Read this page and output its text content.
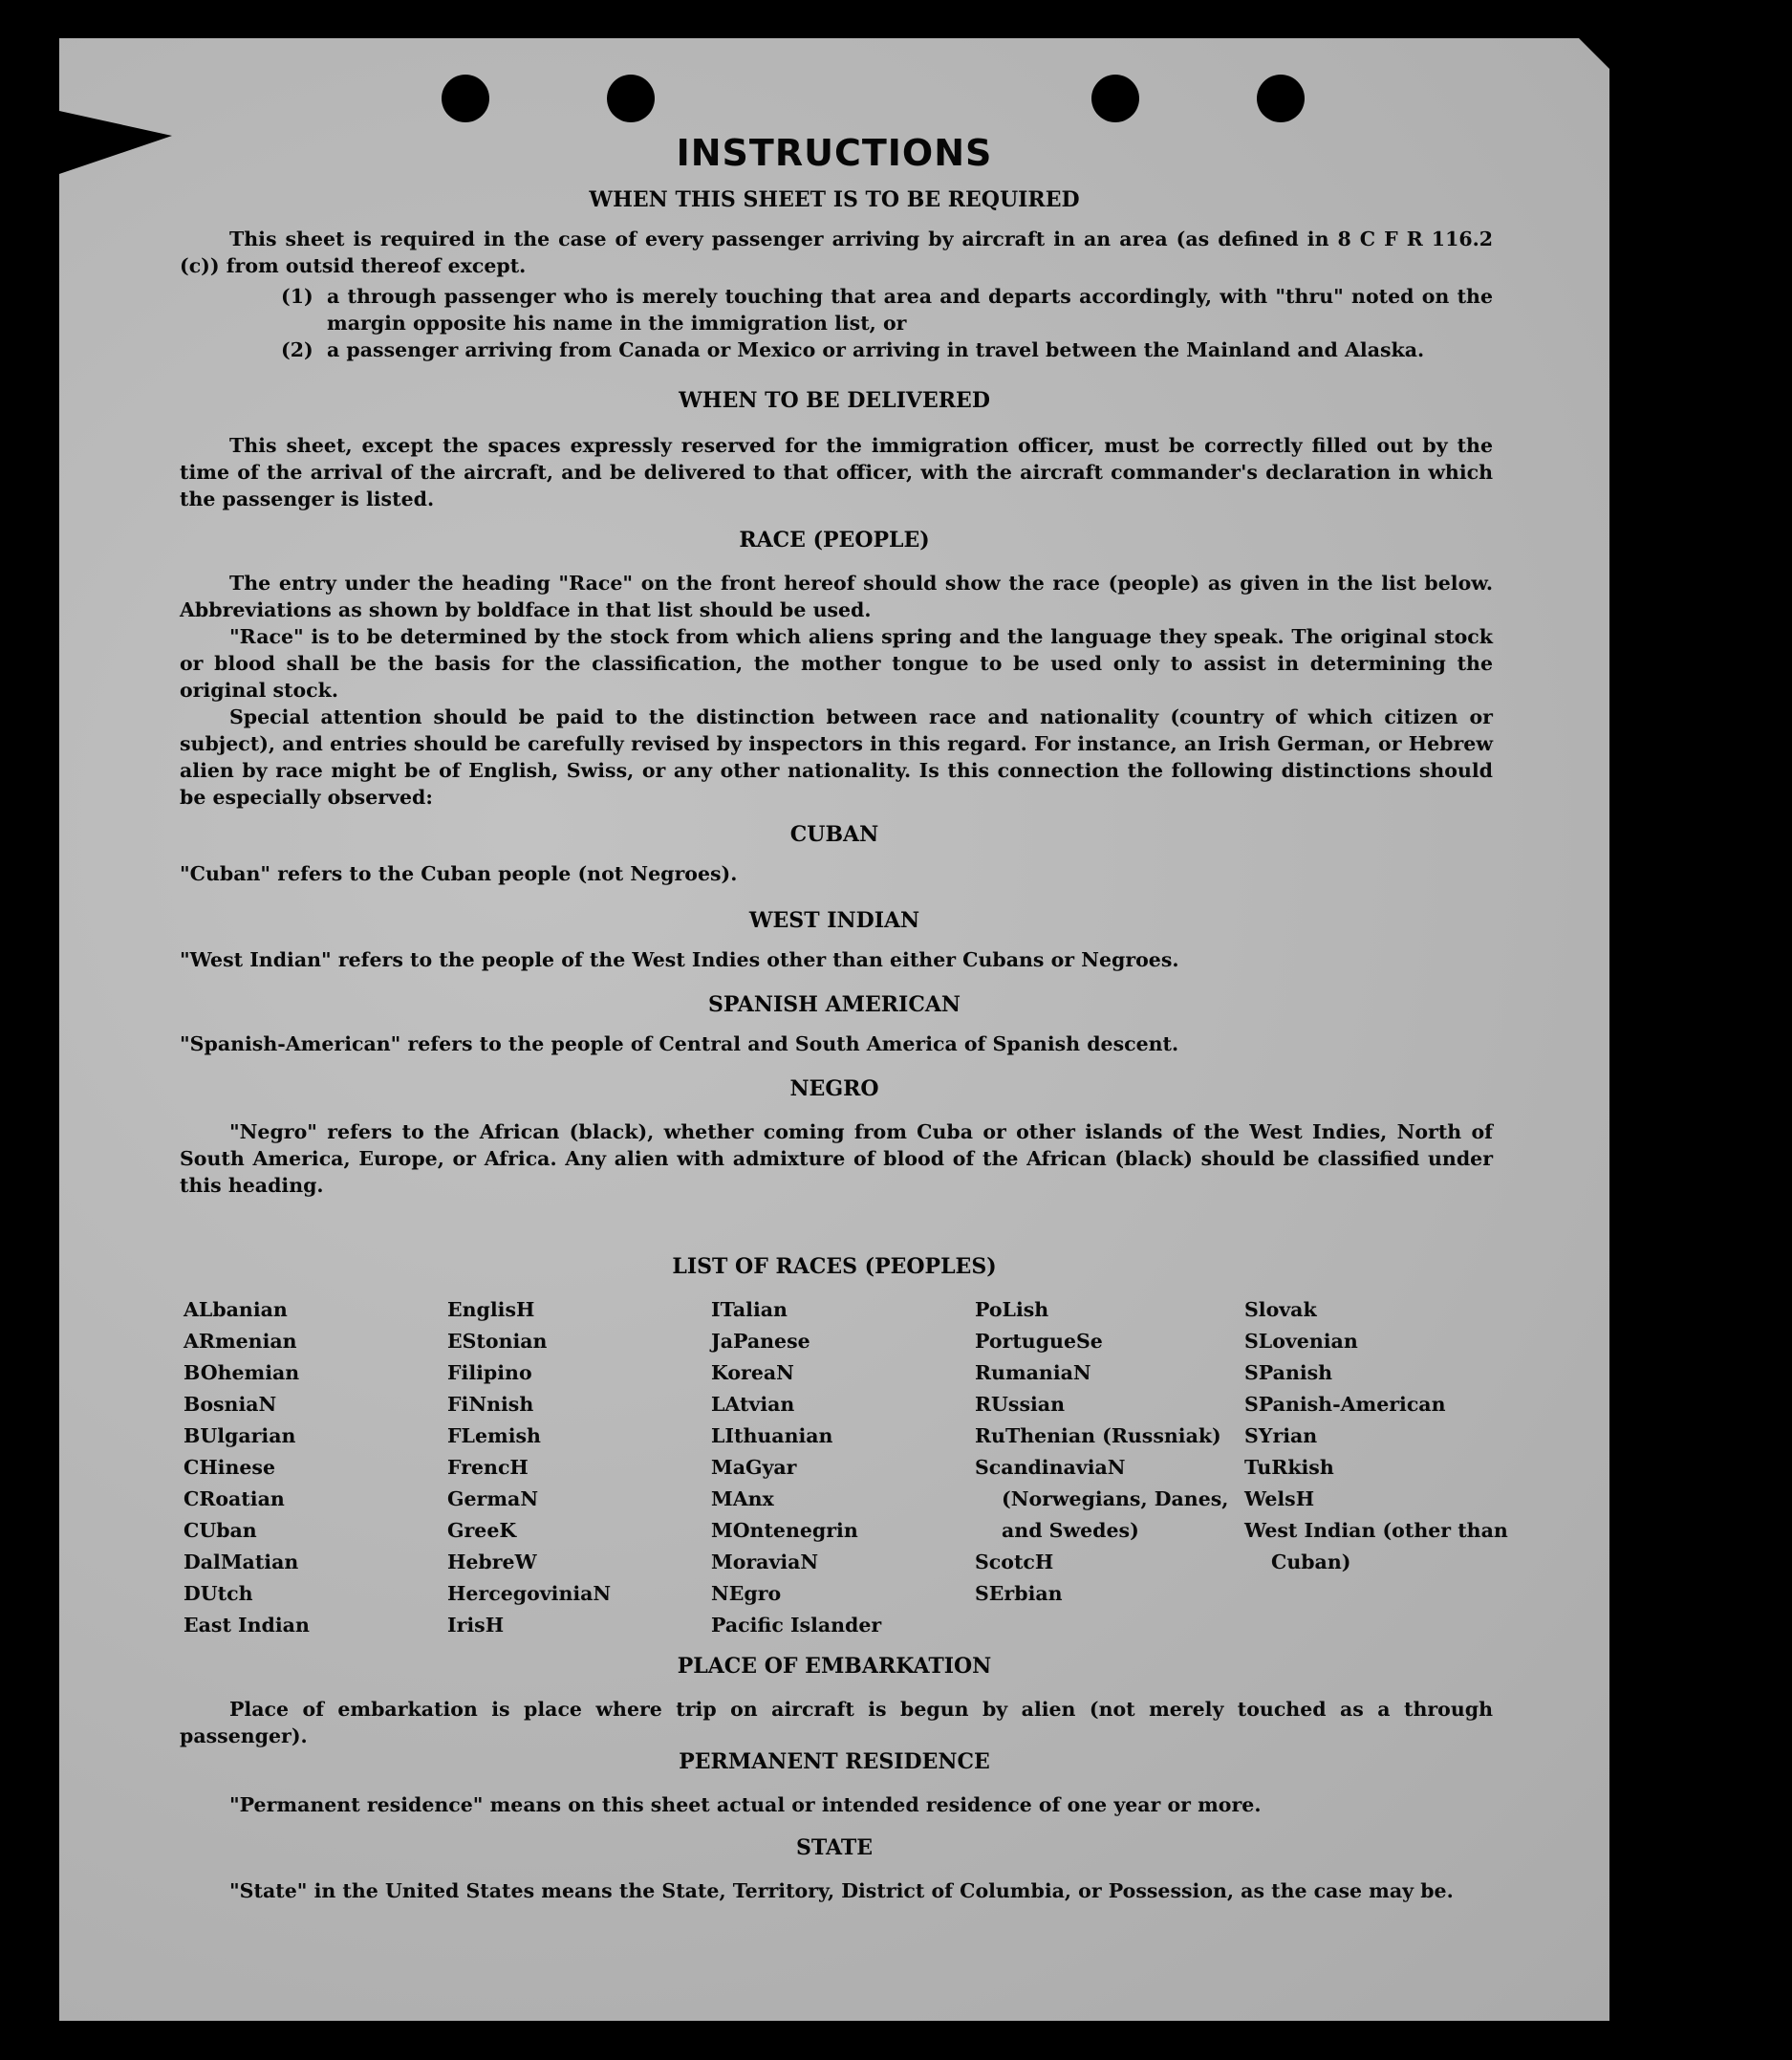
INSTRUCTIONS
WHEN THIS SHEET IS TO BE REQUIRED

This sheet is required in the case of every passenger arriving by aircraft in an area (as defined in 8 C F R 116.2 (c)) from outsid thereof except.

(1) a through passenger who is merely touching that area and departs accordingly, with "thru" noted on the margin opposite his name in the immigration list, or
(2) a passenger arriving from Canada or Mexico or arriving in travel between the Mainland and Alaska.
WHEN TO BE DELIVERED

This sheet, except the spaces expressly reserved for the immigration officer, must be correctly filled out by the time of the arrival of the aircraft, and be delivered to that officer, with the aircraft commander's declaration in which the passenger is listed.

RACE (PEOPLE)

The entry under the heading "Race" on the front hereof should show the race (people) as given in the list below. Abbreviations as shown by boldface in that list should be used.

"Race" is to be determined by the stock from which aliens spring and the language they speak. The original stock or blood shall be the basis for the classification, the mother tongue to be used only to assist in determining the original stock.

Special attention should be paid to the distinction between race and nationality (country of which citizen or subject), and entries should be carefully revised by inspectors in this regard. For instance, an Irish German, or Hebrew alien by race might be of English, Swiss, or any other nationality. Is this connection the following distinctions should be especially observed:

CUBAN

"Cuban" refers to the Cuban people (not Negroes).

WEST INDIAN

"West Indian" refers to the people of the West Indies other than either Cubans or Negroes.

SPANISH AMERICAN

"Spanish-American" refers to the people of Central and South America of Spanish descent.

NEGRO

"Negro" refers to the African (black), whether coming from Cuba or other islands of the West Indies, North of South America, Europe, or Africa. Any alien with admixture of blood of the African (black) should be classified under this heading.

LIST OF RACES (PEOPLES)
ALbanian
ARmenian
BOhemian
BosniaN
BUlgarian
CHinese
CRoatian
CUban
DalMatian
DUtch
East Indian
EnglisH
EStonian
Filipino
FiNnish
FLemish
FrencH
GermaN
GreeK
HebreW
HercegoviniaN
IrisH
ITalian
JaPanese
KoreaN
LAtvian
LIthuanian
MaGyar
MAnx
MOntenegrin
MoraviaN
NEgro
Pacific Islander
PoLish
PortugueSe
RumaniaN
RUssian
RuThenian (Russniak)
ScandinaviaN (Norwegians, Danes, and Swedes)
ScotcH
SErbian
Slovak
SLovenian
SPanish
SPanish-American
SYrian
TuRkish
WelsH
West Indian (other than Cuban)
PLACE OF EMBARKATION

Place of embarkation is place where trip on aircraft is begun by alien (not merely touched as a through passenger).

PERMANENT RESIDENCE

"Permanent residence" means on this sheet actual or intended residence of one year or more.

STATE

"State" in the United States means the State, Territory, District of Columbia, or Possession, as the case may be.
